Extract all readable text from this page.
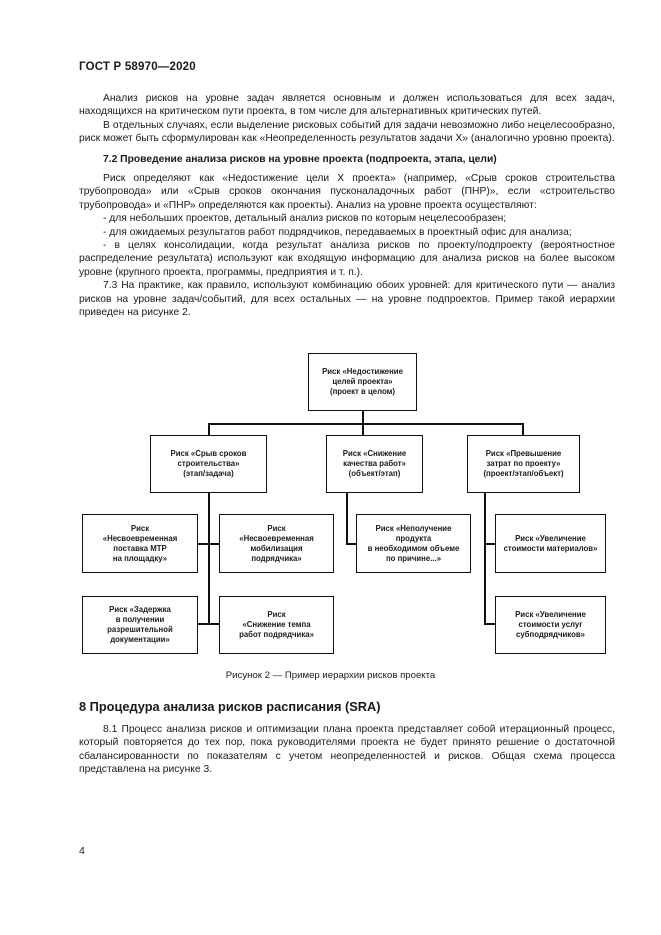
ГОСТ Р 58970—2020

Анализ рисков на уровне задач является основным и должен использоваться для всех задач, находящихся на критическом пути проекта, в том числе для альтернативных критических путей.

В отдельных случаях, если выделение рисковых событий для задачи невозможно либо нецелесообразно, риск может быть сформулирован как «Неопределенность результатов задачи X» (аналогично уровню проекта).

7.2 Проведение анализа рисков на уровне проекта (подпроекта, этапа, цели)

Риск определяют как «Недостижение цели X проекта» (например, «Срыв сроков строительства трубопровода» или «Срыв сроков окончания пусконаладочных работ (ПНР)», если «строительство трубопровода» и «ПНР» определяются как проекты). Анализ на уровне проекта осуществляют:

- для небольших проектов, детальный анализ рисков по которым нецелесообразен;

- для ожидаемых результатов работ подрядчиков, передаваемых в проектный офис для анализа;

- в целях консолидации, когда результат анализа рисков по проекту/подпроекту (вероятностное распределение результата) используют как входящую информацию для анализа рисков на более высоком уровне (крупного проекта, программы, предприятия и т. п.).

7.3 На практике, как правило, используют комбинацию обоих уровней: для критического пути — анализ рисков на уровне задач/событий, для всех остальных — на уровне подпроектов. Пример такой иерархии приведен на рисунке 2.

Риск «Недостижение
целей проекта»
(проект в целом)
Риск «Срыв сроков
строительства»
(этап/задача)
Риск «Снижение
качества работ»
(объект/этап)
Риск «Превышение
затрат по проекту»
(проект/этап/объект)
Риск
«Несвоевременная
поставка МТР
на площадку»
Риск «Задержка
в получении
разрешительной
документации»
Риск
«Несвоевременная
мобилизация
подрядчика»
Риск
«Снижение темпа
работ подрядчика»
Риск «Неполучение
продукта
в необходимом объеме
по причине...»
Риск «Увеличение
стоимости материалов»
Риск «Увеличение
стоимости услуг
субподрядчиков»
Рисунок 2 — Пример иерархии рисков проекта
8 Процедура анализа рисков расписания (SRA)

8.1 Процесс анализа рисков и оптимизации плана проекта представляет собой итерационный процесс, который повторяется до тех пор, пока руководителями проекта не будет принято решение о достаточной сбалансированности по показателям с учетом неопределенностей и рисков. Общая схема процесса представлена на рисунке 3.

4
